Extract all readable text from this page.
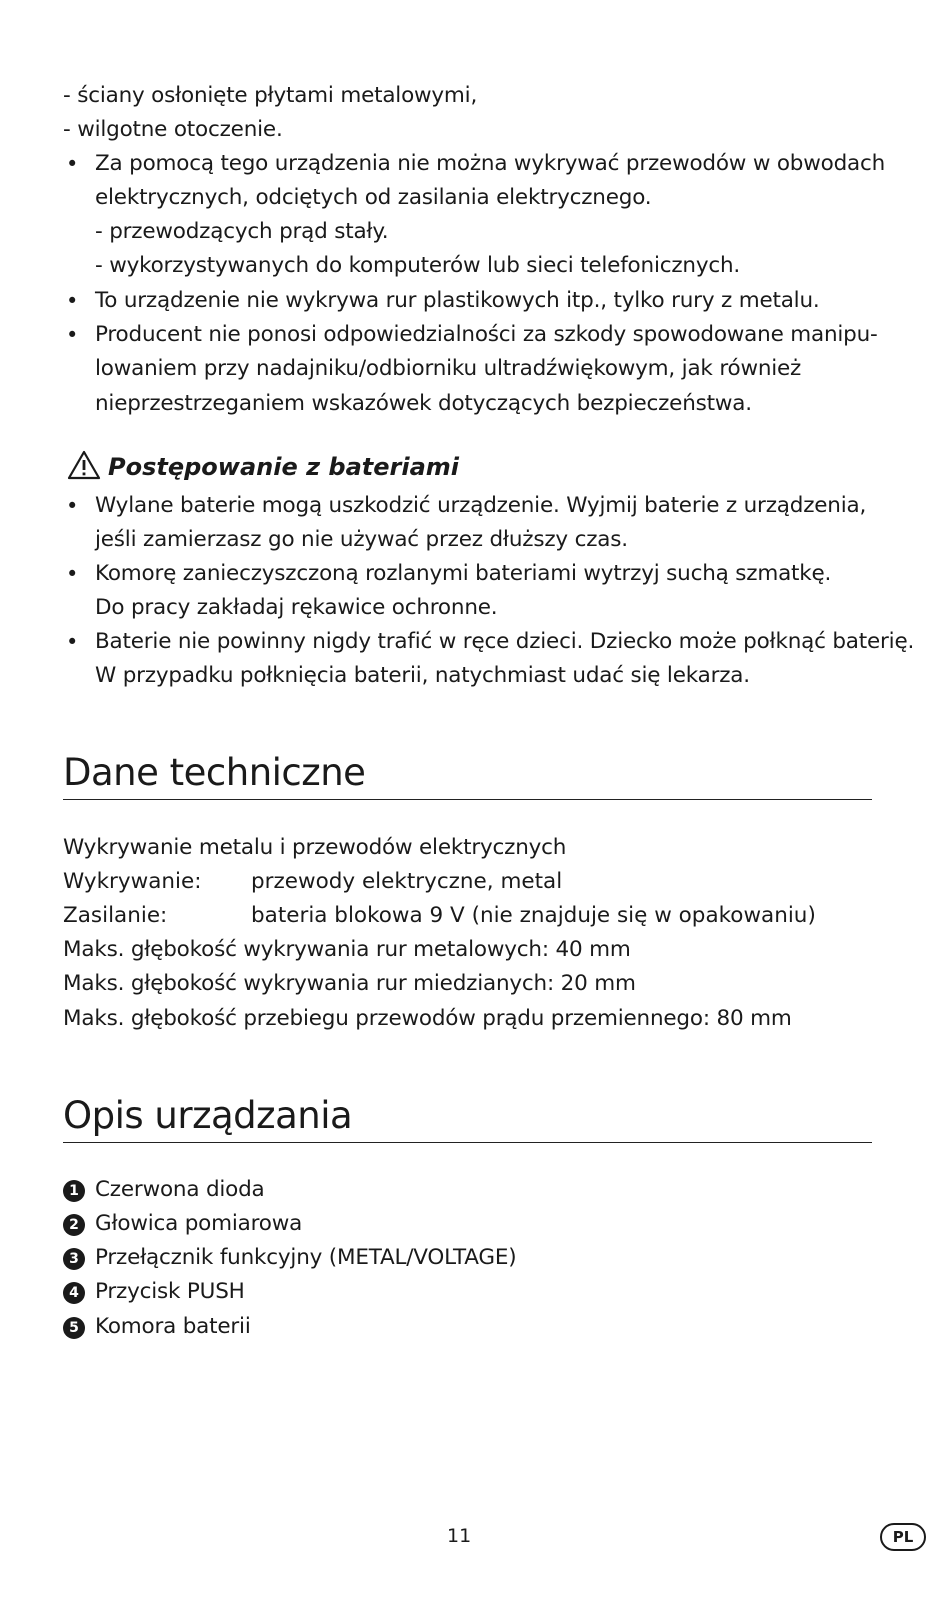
- ściany osłonięte płytami metalowymi,
- wilgotne otoczenie.
• Za pomocą tego urządzenia nie można wykrywać przewodów w obwodach
elektrycznych, odciętych od zasilania elektrycznego.
- przewodzących prąd stały.
- wykorzystywanych do komputerów lub sieci telefonicznych.
• To urządzenie nie wykrywa rur plastikowych itp., tylko rury z metalu.
• Producent nie ponosi odpowiedzialności za szkody spowodowane manipu-
lowaniem przy nadajniku/odbiorniku ultradźwiękowym, jak również
nieprzestrzeganiem wskazówek dotyczących bezpieczeństwa.
Postępowanie z bateriami
• Wylane baterie mogą uszkodzić urządzenie. Wyjmij baterie z urządzenia,
jeśli zamierzasz go nie używać przez dłuższy czas.
• Komorę zanieczyszczoną rozlanymi bateriami wytrzyj suchą szmatkę.
Do pracy zakładaj rękawice ochronne.
• Baterie nie powinny nigdy trafić w ręce dzieci. Dziecko może połknąć baterię.
W przypadku połknięcia baterii, natychmiast udać się lekarza.
Dane techniczne
Wykrywanie metalu i przewodów elektrycznych
Wykrywanie: przewody elektryczne, metal
Zasilanie:	bateria blokowa 9 V (nie znajduje się w opakowaniu)
Maks. głębokość wykrywania rur metalowych: 40 mm
Maks. głębokość wykrywania rur miedzianych: 20 mm
Maks. głębokość przebiegu przewodów prądu przemiennego: 80 mm
Opis urządzania
1 Czerwona dioda
2 Głowica pomiarowa
3 Przełącznik funkcyjny (METAL/VOLTAGE)
4 Przycisk PUSH
5 Komora baterii
11	PL
